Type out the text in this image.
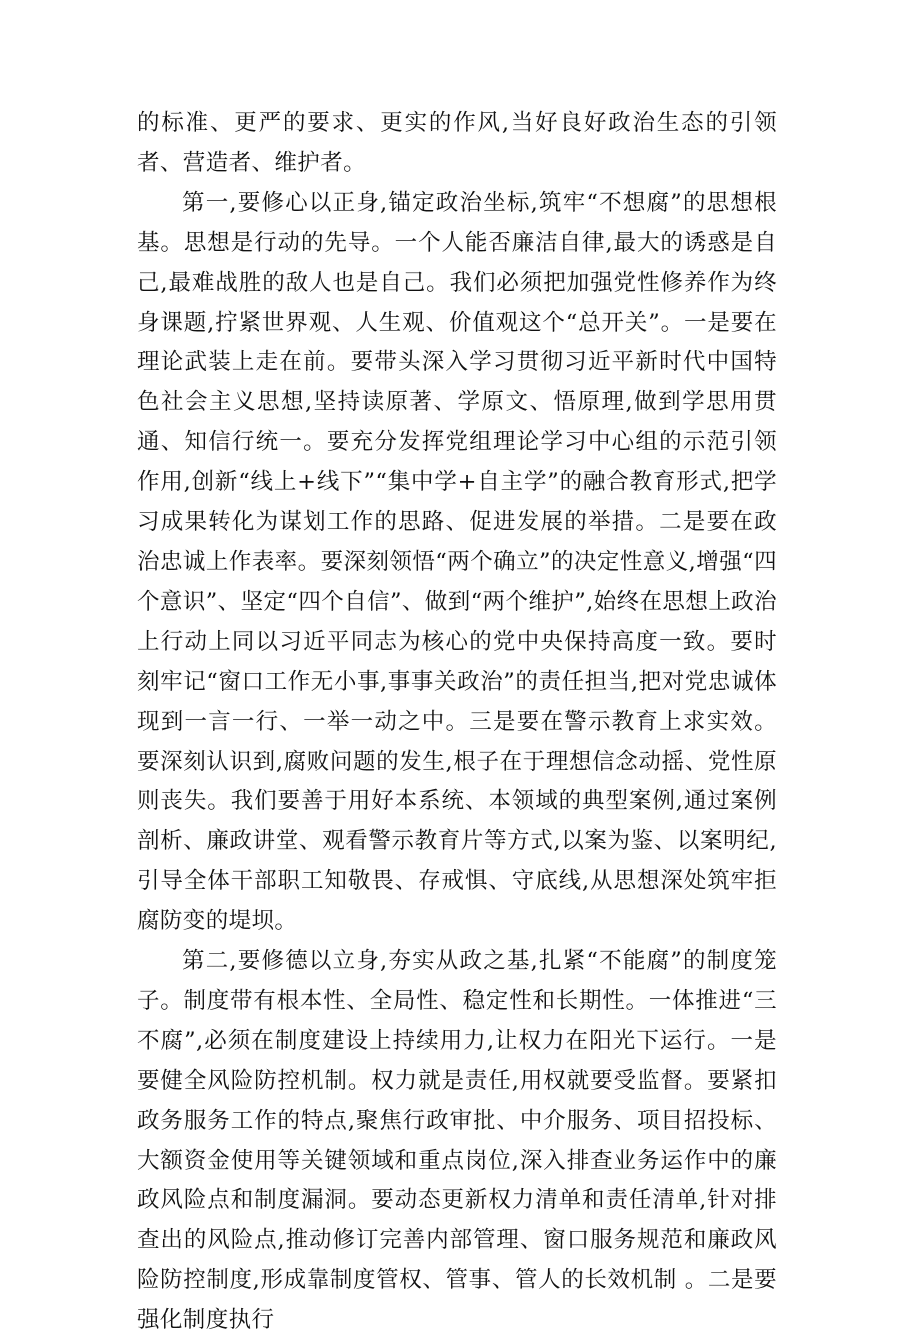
的标准、更严的要求、更实的作风,当好良好政治生态的引领者、营造者、维护者。

第一,要修心以正身,锚定政治坐标,筑牢“不想腐”的思想根基。思想是行动的先导。一个人能否廉洁自律,最大的诱惑是自己,最难战胜的敌人也是自己。我们必须把加强党性修养作为终身课题,拧紧世界观、人生观、价值观这个“总开关”。一是要在理论武装上走在前。要带头深入学习贯彻习近平新时代中国特色社会主义思想,坚持读原著、学原文、悟原理,做到学思用贯通、知信行统一。要充分发挥党组理论学习中心组的示范引领作用,创新“线上+线下”“集中学+自主学”的融合教育形式,把学习成果转化为谋划工作的思路、促进发展的举措。二是要在政治忠诚上作表率。要深刻领悟“两个确立”的决定性意义,增强“四个意识”、坚定“四个自信”、做到“两个维护”,始终在思想上政治上行动上同以习近平同志为核心的党中央保持高度一致。要时刻牢记“窗口工作无小事,事事关政治”的责任担当,把对党忠诚体现到一言一行、一举一动之中。三是要在警示教育上求实效。要深刻认识到,腐败问题的发生,根子在于理想信念动摇、党性原则丧失。我们要善于用好本系统、本领域的典型案例,通过案例剖析、廉政讲堂、观看警示教育片等方式,以案为鉴、以案明纪,引导全体干部职工知敬畏、存戒惧、守底线,从思想深处筑牢拒腐防变的堤坝。

第二,要修德以立身,夯实从政之基,扎紧“不能腐”的制度笼子。制度带有根本性、全局性、稳定性和长期性。一体推进“三不腐”,必须在制度建设上持续用力,让权力在阳光下运行。一是要健全风险防控机制。权力就是责任,用权就要受监督。要紧扣政务服务工作的特点,聚焦行政审批、中介服务、项目招投标、大额资金使用等关键领域和重点岗位,深入排查业务运作中的廉政风险点和制度漏洞。要动态更新权力清单和责任清单,针对排查出的风险点,推动修订完善内部管理、窗口服务规范和廉政风险防控制度,形成靠制度管权、管事、管人的长效机制 。二是要强化制度执行
